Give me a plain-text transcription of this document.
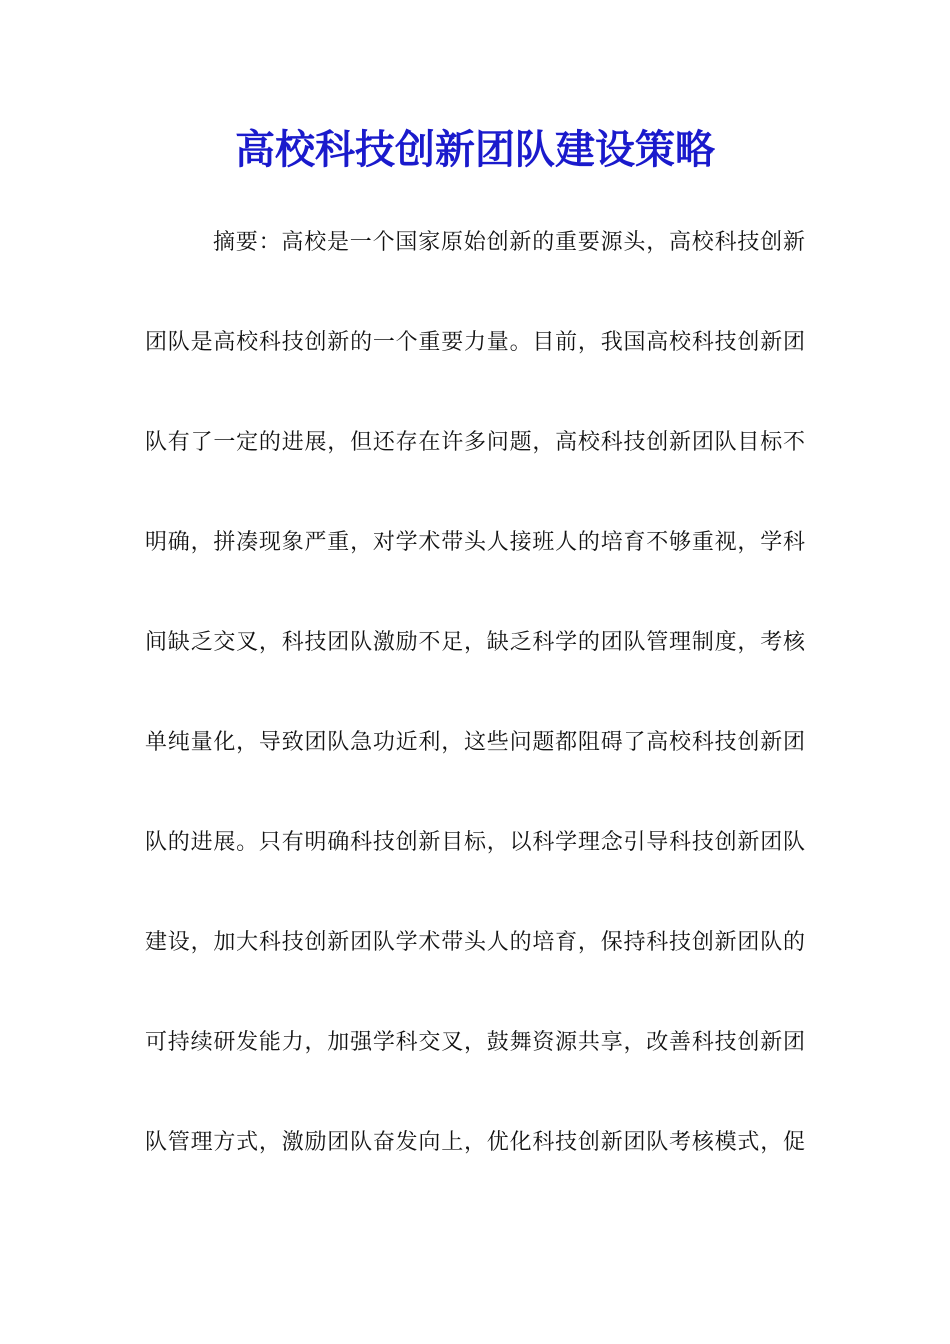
高校科技创新团队建设策略
摘要：高校是一个国家原始创新的重要源头，高校科技创新
团队是高校科技创新的一个重要力量。目前，我国高校科技创新团
队有了一定的进展，但还存在许多问题，高校科技创新团队目标不
明确，拼凑现象严重，对学术带头人接班人的培育不够重视，学科
间缺乏交叉，科技团队激励不足，缺乏科学的团队管理制度，考核
单纯量化，导致团队急功近利，这些问题都阻碍了高校科技创新团
队的进展。只有明确科技创新目标，以科学理念引导科技创新团队
建设，加大科技创新团队学术带头人的培育，保持科技创新团队的
可持续研发能力，加强学科交叉，鼓舞资源共享，改善科技创新团
队管理方式，激励团队奋发向上，优化科技创新团队考核模式，促
